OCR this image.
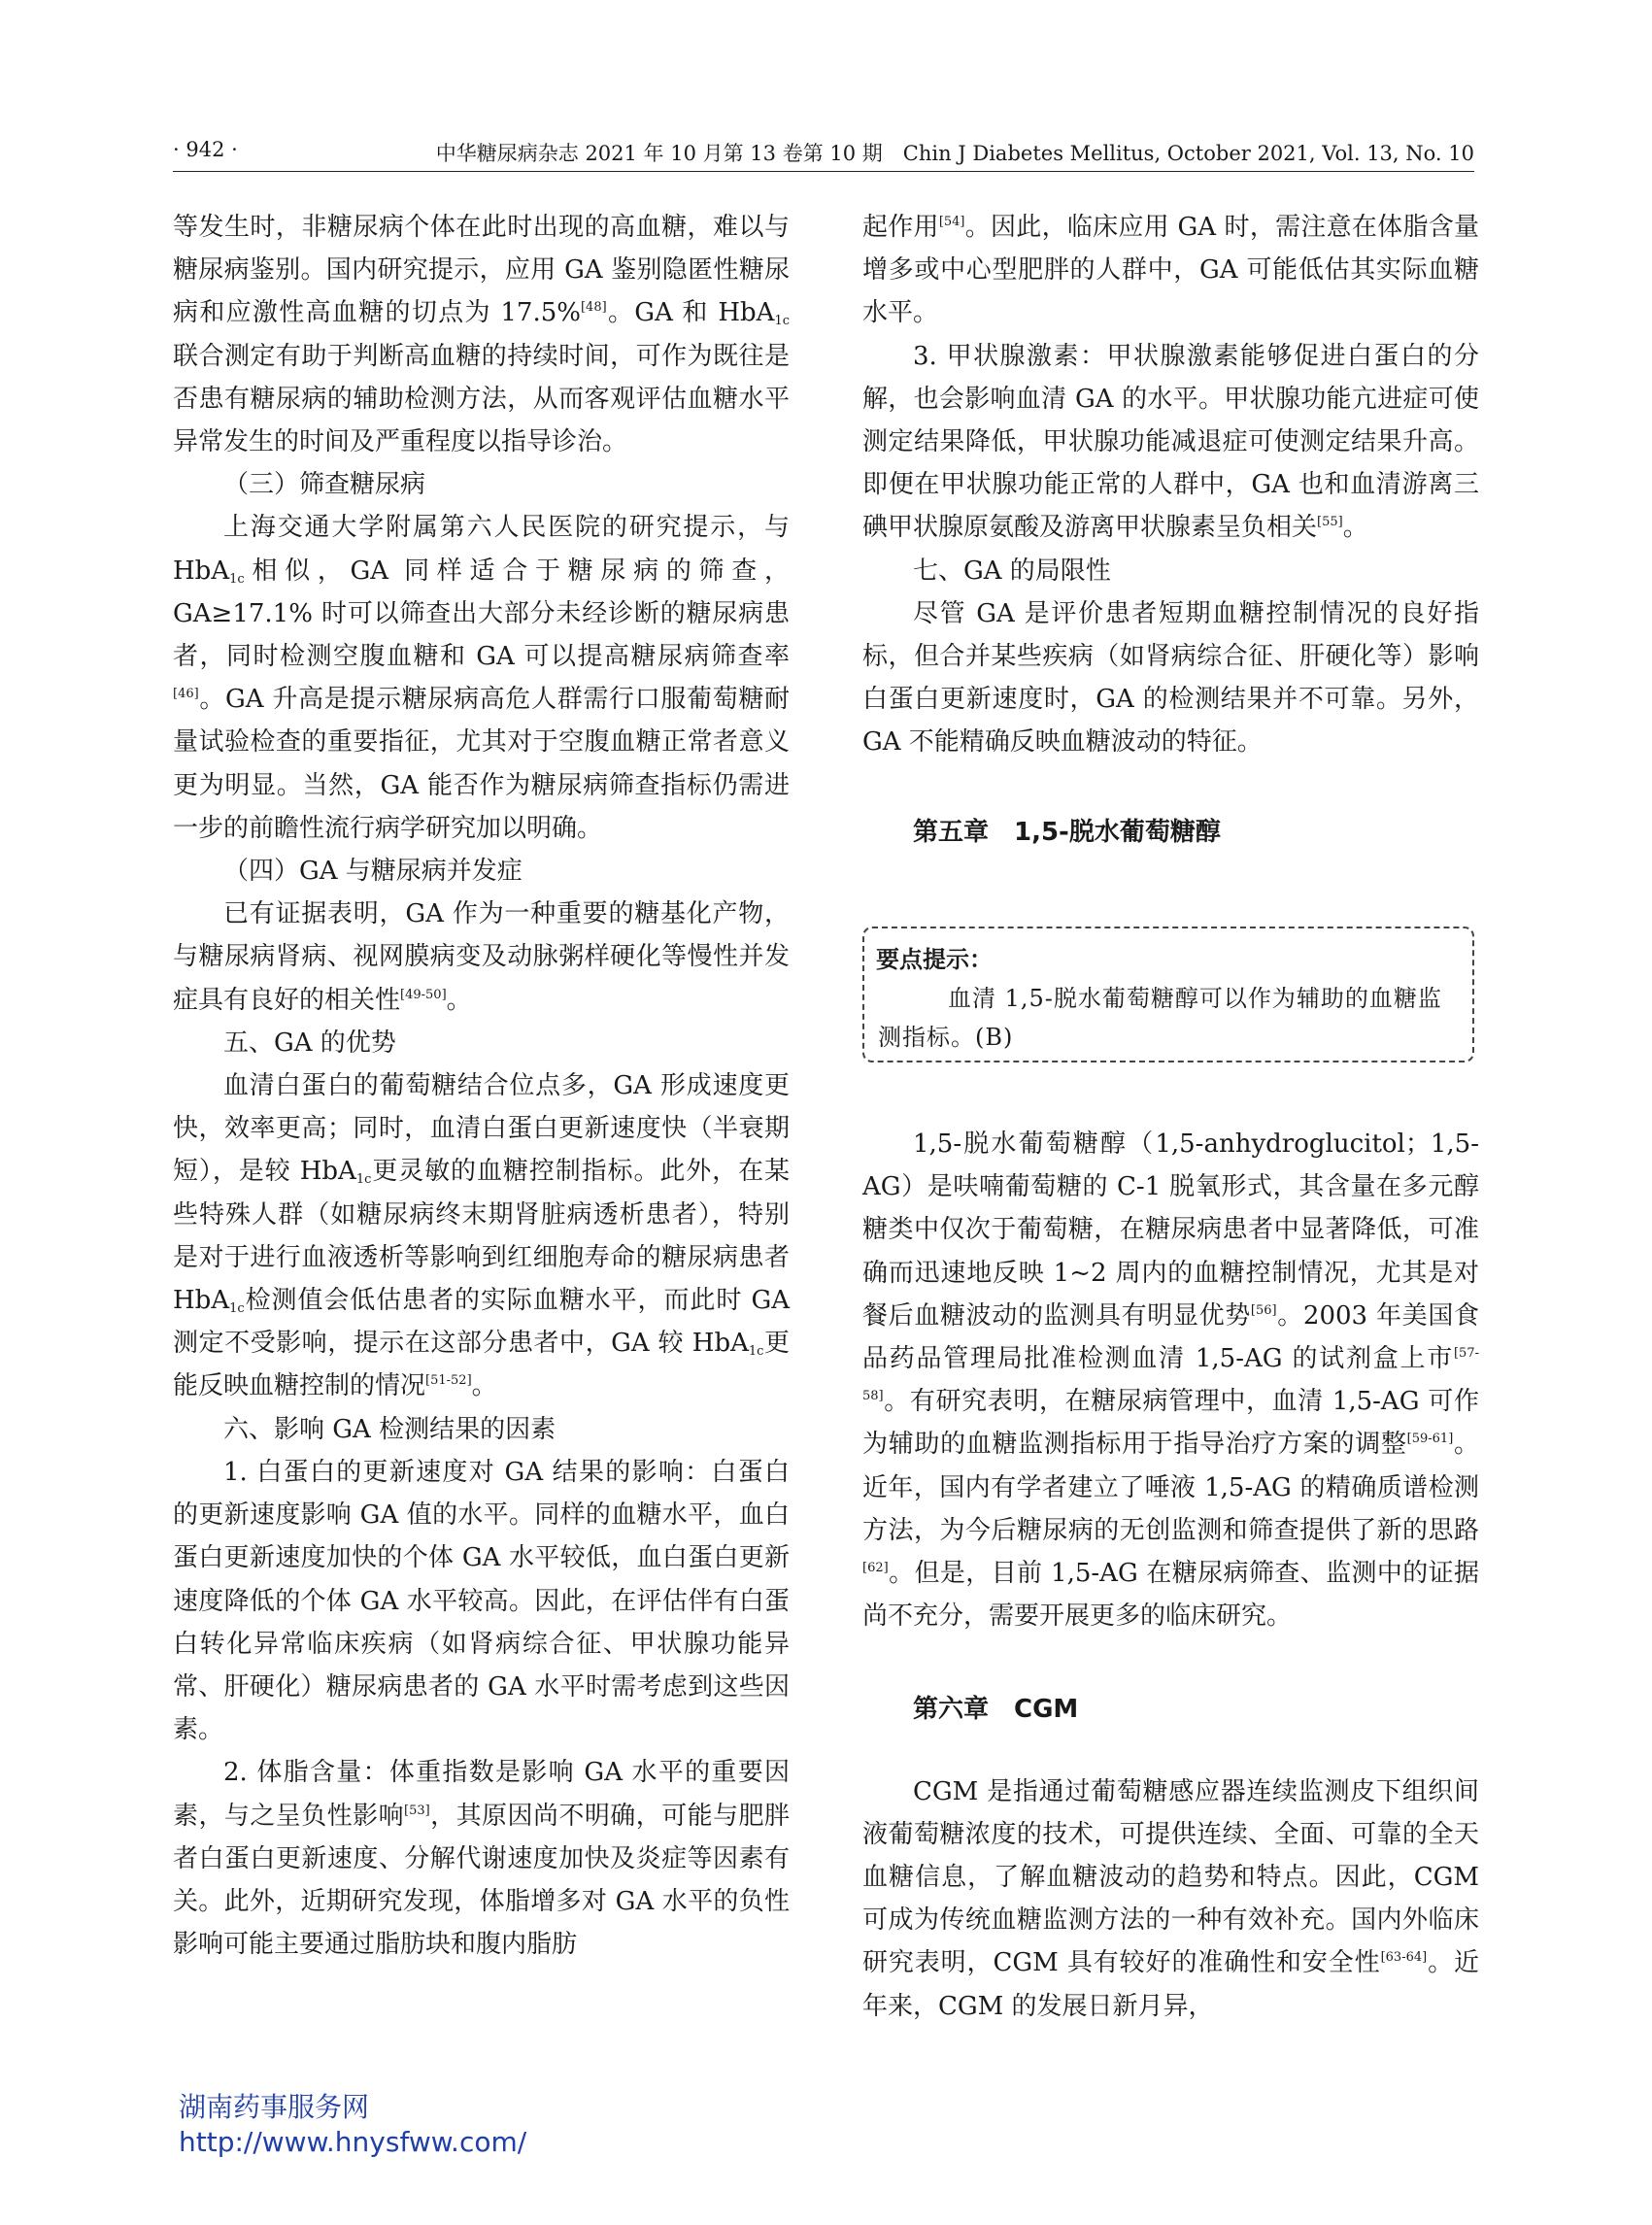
· 942 ·	中华糖尿病杂志 2021 年 10 月第 13 卷第 10 期　Chin J Diabetes Mellitus, October 2021, Vol. 13, No. 10

等发生时，非糖尿病个体在此时出现的高血糖，难以与糖尿病鉴别。国内研究提示，应用 GA 鉴别隐匿性糖尿病和应激性高血糖的切点为 17.5%[48]。GA 和 HbA$_{1c}$联合测定有助于判断高血糖的持续时间，可作为既往是否患有糖尿病的辅助检测方法，从而客观评估血糖水平异常发生的时间及严重程度以指导诊治。

（三）筛查糖尿病

上海交通大学附属第六人民医院的研究提示，与 HbA$_{1c}$相似，GA 同样适合于糖尿病的筛查，GA≥17.1% 时可以筛查出大部分未经诊断的糖尿病患者，同时检测空腹血糖和 GA 可以提高糖尿病筛查率[46]。GA 升高是提示糖尿病高危人群需行口服葡萄糖耐量试验检查的重要指征，尤其对于空腹血糖正常者意义更为明显。当然，GA 能否作为糖尿病筛查指标仍需进一步的前瞻性流行病学研究加以明确。

（四）GA 与糖尿病并发症

已有证据表明，GA 作为一种重要的糖基化产物，与糖尿病肾病、视网膜病变及动脉粥样硬化等慢性并发症具有良好的相关性[49-50]。

五、GA 的优势

血清白蛋白的葡萄糖结合位点多，GA 形成速度更快，效率更高；同时，血清白蛋白更新速度快（半衰期短），是较 HbA$_{1c}$更灵敏的血糖控制指标。此外，在某些特殊人群（如糖尿病终末期肾脏病透析患者），特别是对于进行血液透析等影响到红细胞寿命的糖尿病患者 HbA$_{1c}$检测值会低估患者的实际血糖水平，而此时 GA 测定不受影响，提示在这部分患者中，GA 较 HbA$_{1c}$更能反映血糖控制的情况[51-52]。

六、影响 GA 检测结果的因素

1. 白蛋白的更新速度对 GA 结果的影响：白蛋白的更新速度影响 GA 值的水平。同样的血糖水平，血白蛋白更新速度加快的个体 GA 水平较低，血白蛋白更新速度降低的个体 GA 水平较高。因此，在评估伴有白蛋白转化异常临床疾病（如肾病综合征、甲状腺功能异常、肝硬化）糖尿病患者的 GA 水平时需考虑到这些因素。

2. 体脂含量：体重指数是影响 GA 水平的重要因素，与之呈负性影响[53]，其原因尚不明确，可能与肥胖者白蛋白更新速度、分解代谢速度加快及炎症等因素有关。此外，近期研究发现，体脂增多对 GA 水平的负性影响可能主要通过脂肪块和腹内脂肪

起作用[54]。因此，临床应用 GA 时，需注意在体脂含量增多或中心型肥胖的人群中，GA 可能低估其实际血糖水平。

3. 甲状腺激素：甲状腺激素能够促进白蛋白的分解，也会影响血清 GA 的水平。甲状腺功能亢进症可使测定结果降低，甲状腺功能减退症可使测定结果升高。即便在甲状腺功能正常的人群中，GA 也和血清游离三碘甲状腺原氨酸及游离甲状腺素呈负相关[55]。

七、GA 的局限性

尽管 GA 是评价患者短期血糖控制情况的良好指标，但合并某些疾病（如肾病综合征、肝硬化等）影响白蛋白更新速度时，GA 的检测结果并不可靠。另外，GA 不能精确反映血糖波动的特征。

第五章　1,5-脱水葡萄糖醇

要点提示：
血清 1,5-脱水葡萄糖醇可以作为辅助的血糖监测指标。(B)

1,5-脱水葡萄糖醇（1,5-anhydroglucitol；1,5-AG）是呋喃葡萄糖的 C-1 脱氧形式，其含量在多元醇糖类中仅次于葡萄糖，在糖尿病患者中显著降低，可准确而迅速地反映 1~2 周内的血糖控制情况，尤其是对餐后血糖波动的监测具有明显优势[56]。2003 年美国食品药品管理局批准检测血清 1,5-AG 的试剂盒上市[57-58]。有研究表明，在糖尿病管理中，血清 1,5-AG 可作为辅助的血糖监测指标用于指导治疗方案的调整[59-61]。近年，国内有学者建立了唾液 1,5-AG 的精确质谱检测方法，为今后糖尿病的无创监测和筛查提供了新的思路[62]。但是，目前 1,5-AG 在糖尿病筛查、监测中的证据尚不充分，需要开展更多的临床研究。

第六章　CGM

CGM 是指通过葡萄糖感应器连续监测皮下组织间液葡萄糖浓度的技术，可提供连续、全面、可靠的全天血糖信息，了解血糖波动的趋势和特点。因此，CGM 可成为传统血糖监测方法的一种有效补充。国内外临床研究表明，CGM 具有较好的准确性和安全性[63-64]。近年来，CGM 的发展日新月异，

湖南药事服务网
http://www.hnysfww.com/
